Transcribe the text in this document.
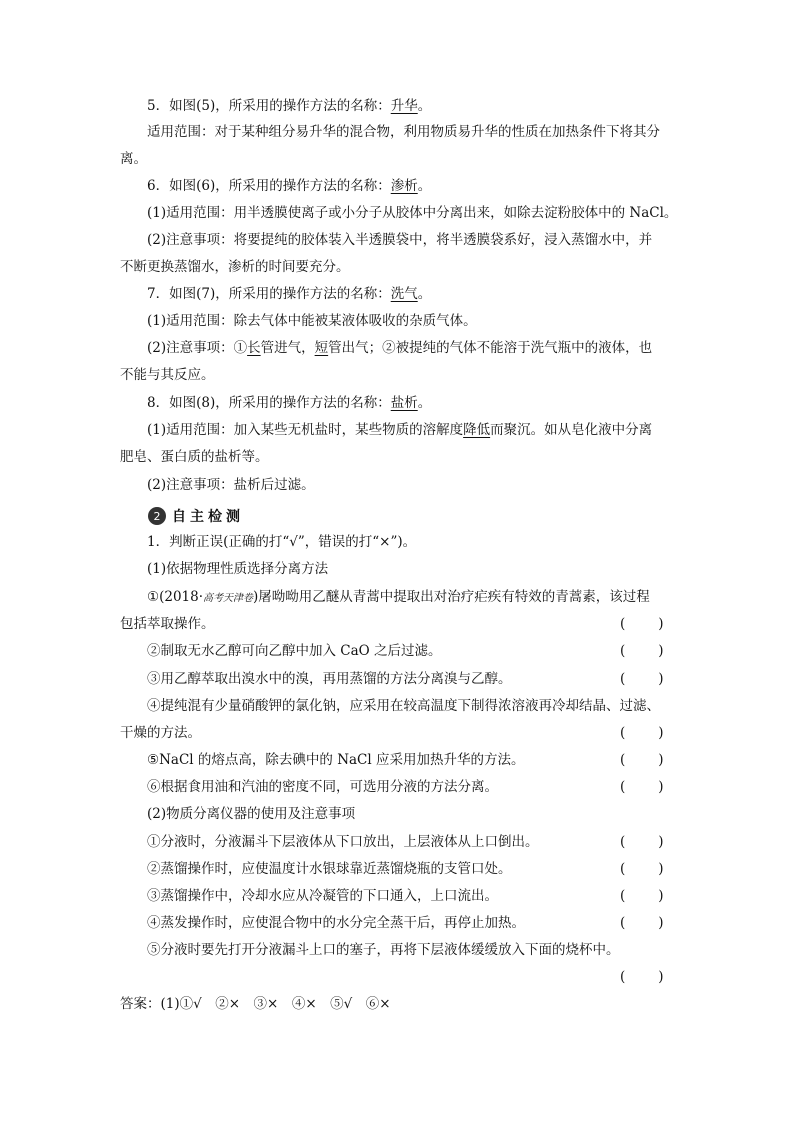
5．如图(5)，所采用的操作方法的名称：升华。
适用范围：对于某种组分易升华的混合物，利用物质易升华的性质在加热条件下将其分
离。
6．如图(6)，所采用的操作方法的名称：渗析。
(1)适用范围：用半透膜使离子或小分子从胶体中分离出来，如除去淀粉胶体中的 NaCl。
(2)注意事项：将要提纯的胶体装入半透膜袋中，将半透膜袋系好，浸入蒸馏水中，并
不断更换蒸馏水，渗析的时间要充分。
7．如图(7)，所采用的操作方法的名称：洗气。
(1)适用范围：除去气体中能被某液体吸收的杂质气体。
(2)注意事项：①长管进气，短管出气；②被提纯的气体不能溶于洗气瓶中的液体，也
不能与其反应。
8．如图(8)，所采用的操作方法的名称：盐析。
(1)适用范围：加入某些无机盐时，某些物质的溶解度降低而聚沉。如从皂化液中分离
肥皂、蛋白质的盐析等。
(2)注意事项：盐析后过滤。
2 自主检测
1．判断正误(正确的打“√”，错误的打“×”)。
(1)依据物理性质选择分离方法
①(2018·高考天津卷)屠呦呦用乙醚从青蒿中提取出对治疗疟疾有特效的青蒿素，该过程
包括萃取操作。	(　　)
②制取无水乙醇可向乙醇中加入 CaO 之后过滤。	(　　)
③用乙醇萃取出溴水中的溴，再用蒸馏的方法分离溴与乙醇。	(　　)
④提纯混有少量硝酸钾的氯化钠，应采用在较高温度下制得浓溶液再冷却结晶、过滤、
干燥的方法。	(　　)
⑤NaCl 的熔点高，除去碘中的 NaCl 应采用加热升华的方法。	(　　)
⑥根据食用油和汽油的密度不同，可选用分液的方法分离。	(　　)
(2)物质分离仪器的使用及注意事项
①分液时，分液漏斗下层液体从下口放出，上层液体从上口倒出。	(　　)
②蒸馏操作时，应使温度计水银球靠近蒸馏烧瓶的支管口处。	(　　)
③蒸馏操作中，冷却水应从冷凝管的下口通入，上口流出。	(　　)
④蒸发操作时，应使混合物中的水分完全蒸干后，再停止加热。	(　　)
⑤分液时要先打开分液漏斗上口的塞子，再将下层液体缓缓放入下面的烧杯中。
(　　)
答案：(1)①√　②×　③×　④×　⑤√　⑥×
